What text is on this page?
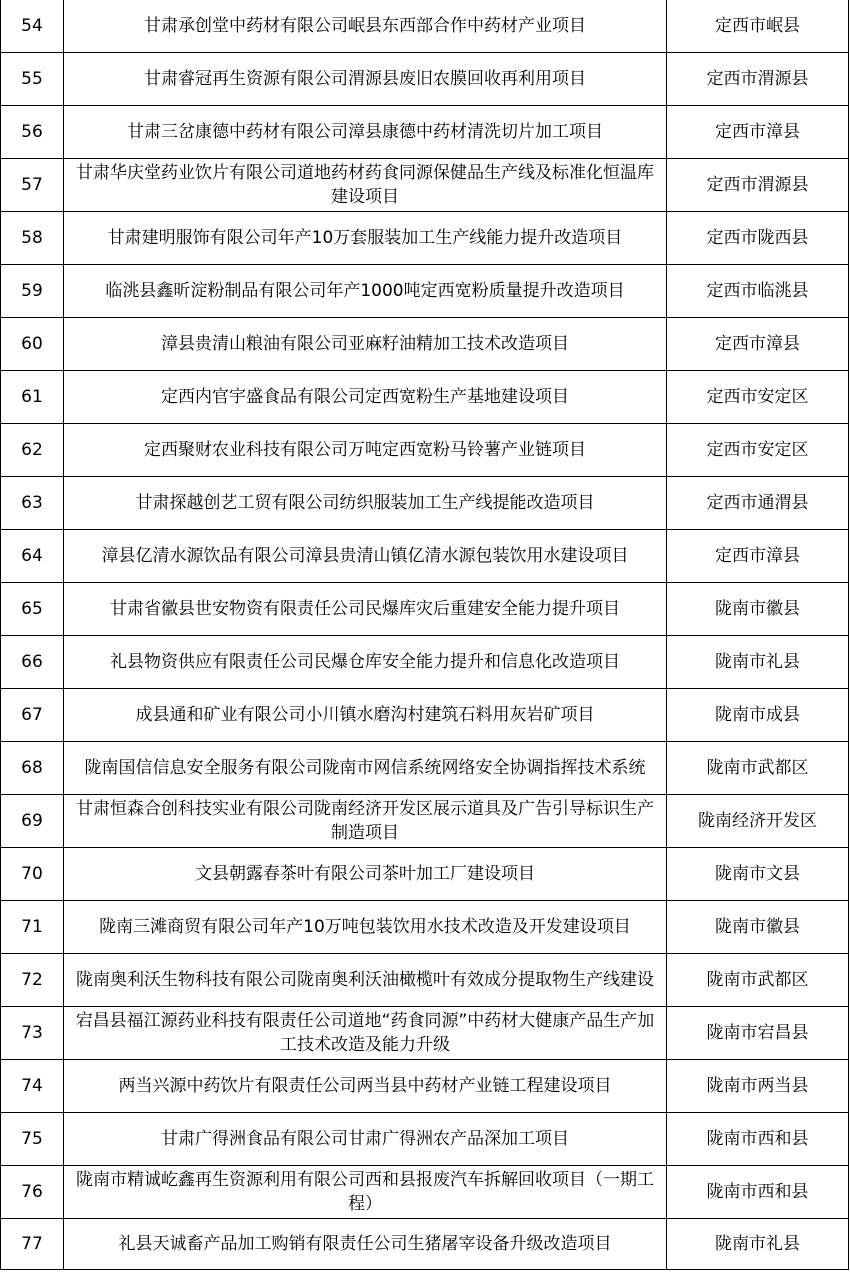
54	甘肃承创堂中药材有限公司岷县东西部合作中药材产业项目	定西市岷县
55	甘肃睿冠再生资源有限公司渭源县废旧农膜回收再利用项目	定西市渭源县
56	甘肃三岔康德中药材有限公司漳县康德中药材清洗切片加工项目	定西市漳县
57	甘肃华庆堂药业饮片有限公司道地药材药食同源保健品生产线及标准化恒温库建设项目	定西市渭源县
58	甘肃建明服饰有限公司年产10万套服装加工生产线能力提升改造项目	定西市陇西县
59	临洮县鑫昕淀粉制品有限公司年产1000吨定西宽粉质量提升改造项目	定西市临洮县
60	漳县贵清山粮油有限公司亚麻籽油精加工技术改造项目	定西市漳县
61	定西内官宇盛食品有限公司定西宽粉生产基地建设项目	定西市安定区
62	定西聚财农业科技有限公司万吨定西宽粉马铃薯产业链项目	定西市安定区
63	甘肃探越创艺工贸有限公司纺织服装加工生产线提能改造项目	定西市通渭县
64	漳县亿清水源饮品有限公司漳县贵清山镇亿清水源包装饮用水建设项目	定西市漳县
65	甘肃省徽县世安物资有限责任公司民爆库灾后重建安全能力提升项目	陇南市徽县
66	礼县物资供应有限责任公司民爆仓库安全能力提升和信息化改造项目	陇南市礼县
67	成县通和矿业有限公司小川镇水磨沟村建筑石料用灰岩矿项目	陇南市成县
68	陇南国信信息安全服务有限公司陇南市网信系统网络安全协调指挥技术系统	陇南市武都区
69	甘肃恒森合创科技实业有限公司陇南经济开发区展示道具及广告引导标识生产制造项目	陇南经济开发区
70	文县朝露春茶叶有限公司茶叶加工厂建设项目	陇南市文县
71	陇南三滩商贸有限公司年产10万吨包装饮用水技术改造及开发建设项目	陇南市徽县
72	陇南奥利沃生物科技有限公司陇南奥利沃油橄榄叶有效成分提取物生产线建设	陇南市武都区
73	宕昌县福江源药业科技有限责任公司道地“药食同源”中药材大健康产品生产加工技术改造及能力升级	陇南市宕昌县
74	两当兴源中药饮片有限责任公司两当县中药材产业链工程建设项目	陇南市两当县
75	甘肃广得洲食品有限公司甘肃广得洲农产品深加工项目	陇南市西和县
76	陇南市精诚屹鑫再生资源利用有限公司西和县报废汽车拆解回收项目（一期工程）	陇南市西和县
77	礼县天诚畜产品加工购销有限责任公司生猪屠宰设备升级改造项目	陇南市礼县
